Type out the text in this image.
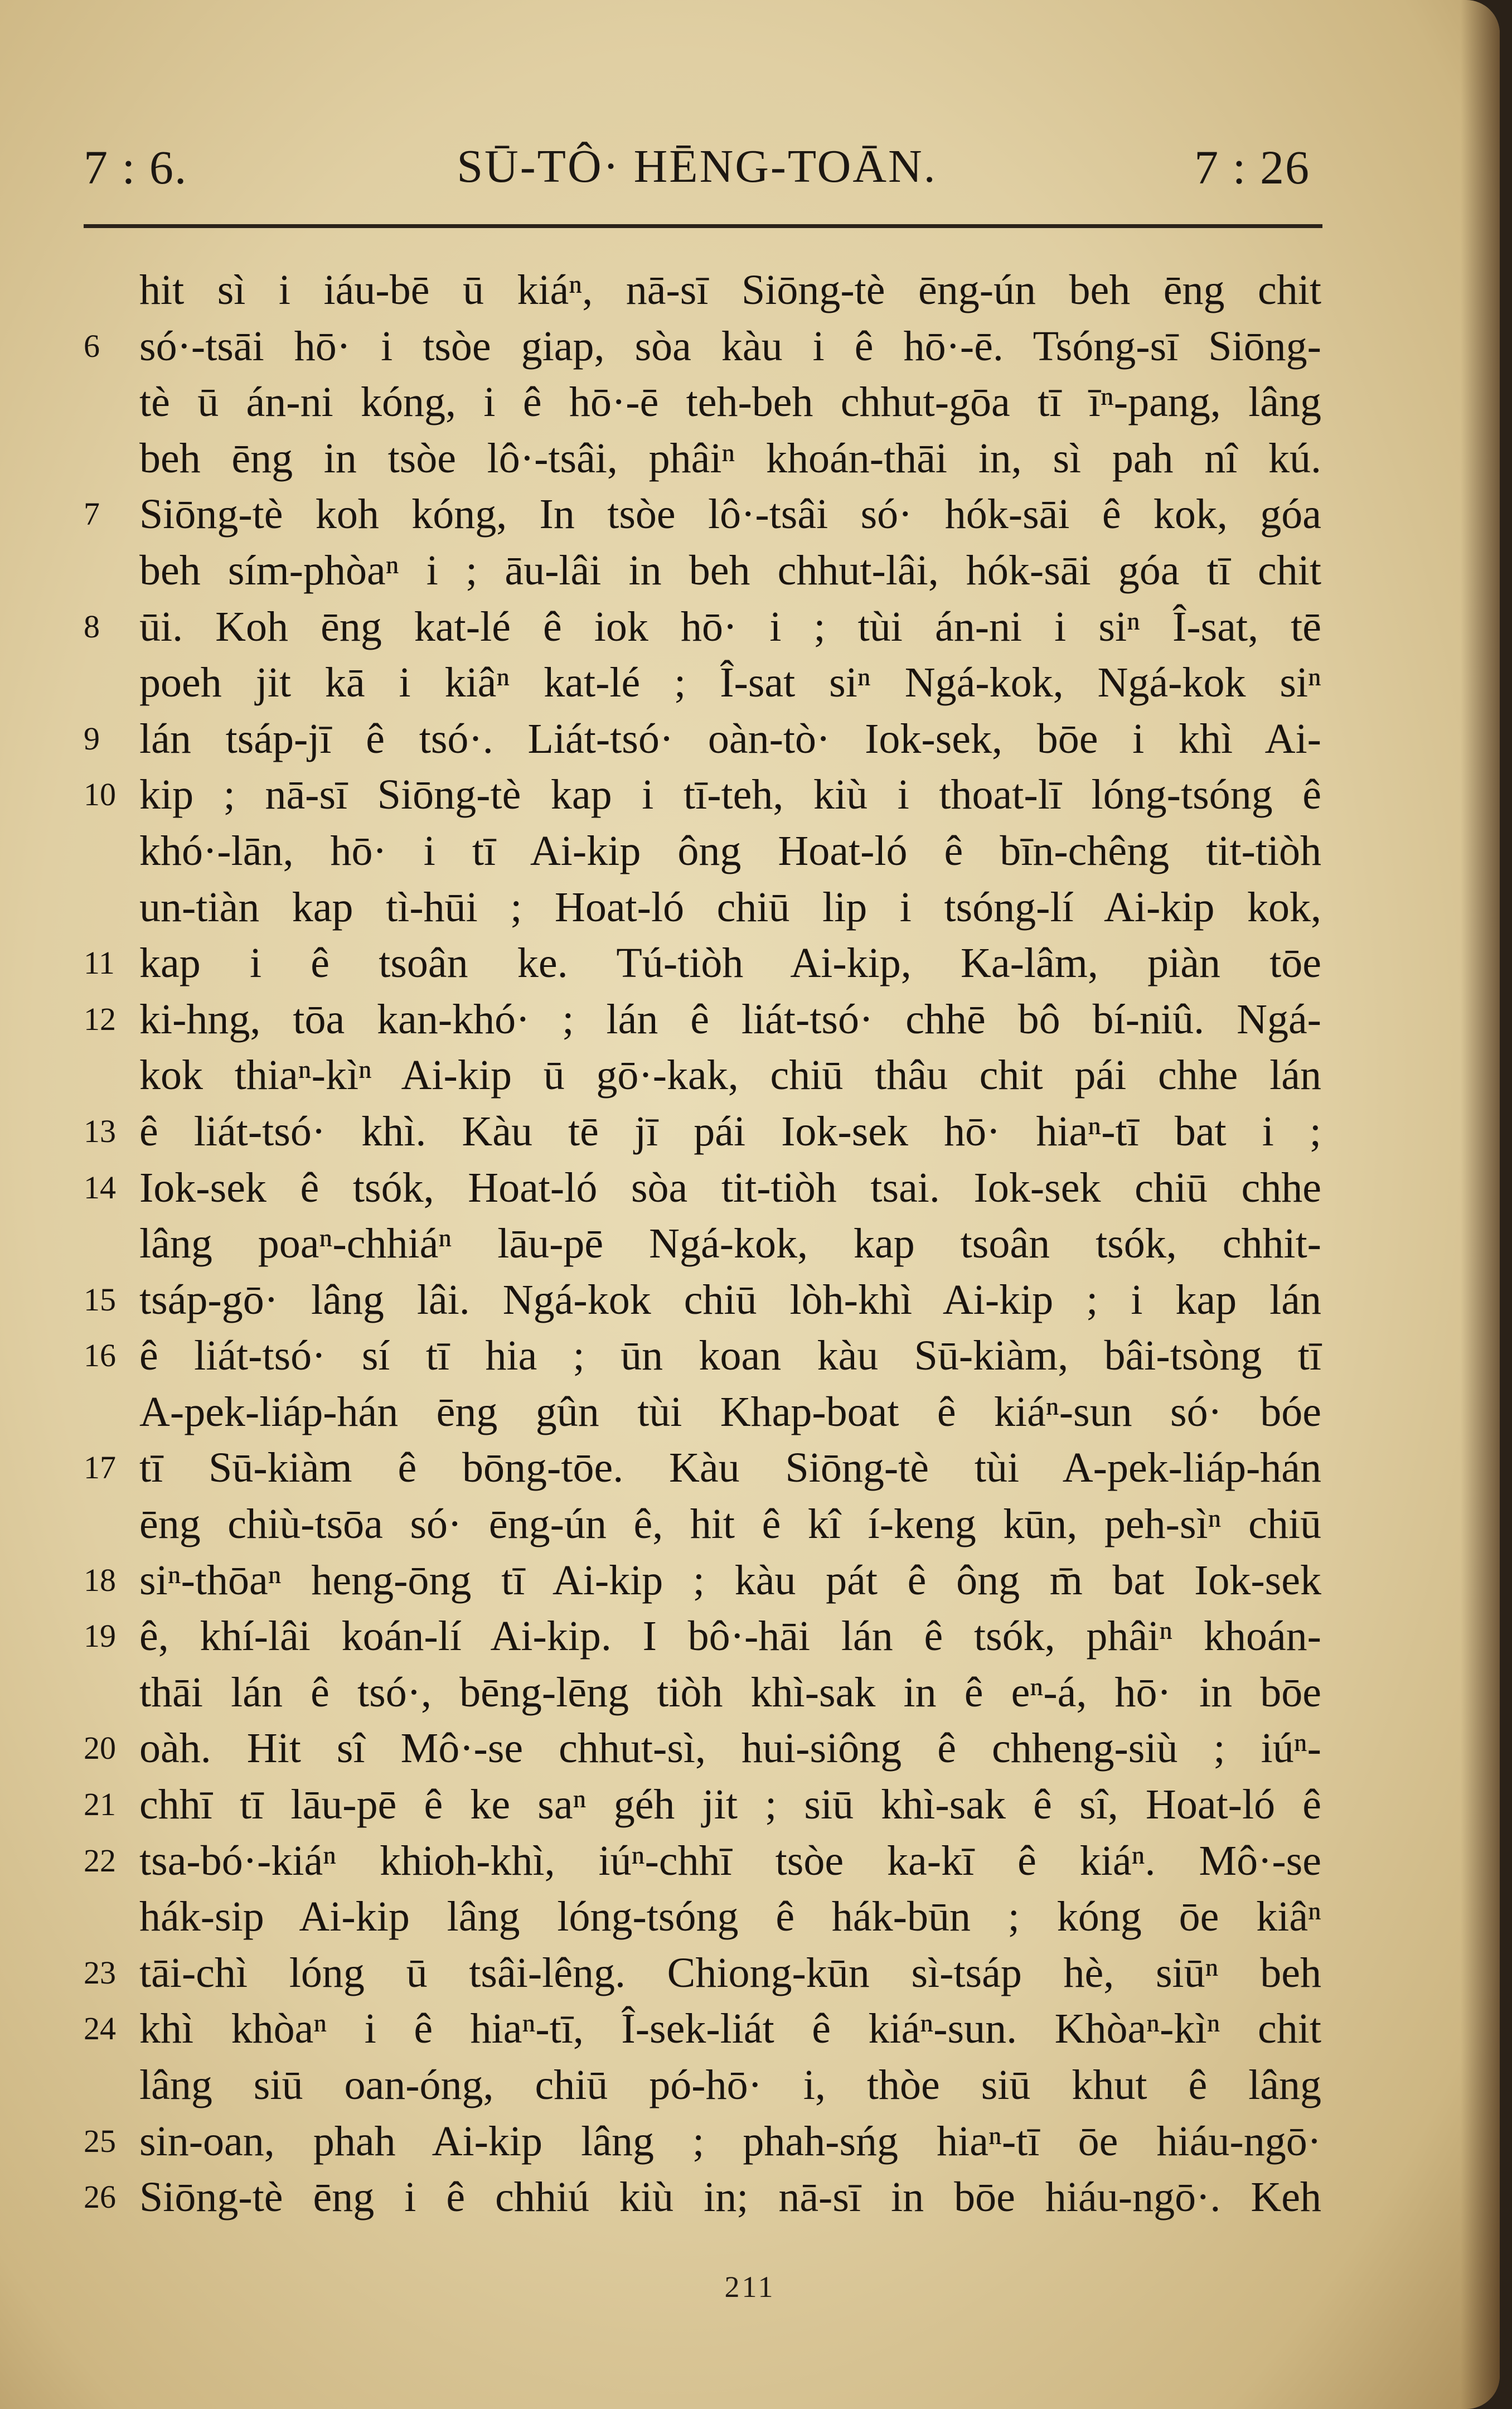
7 : 6.	SŪ-TÔ· HĒNG-TOĀN.	7 : 26
hit sì i iáu-bē ū kiáⁿ, nā-sī Siōng-tè ēng-ún beh ēng chit
6 só·-tsāi hō· i tsòe giap, sòa kàu i ê hō·-ē. Tsóng-sī Siōng-
tè ū án-ni kóng, i ê hō·-ē teh-beh chhut-gōa tī īⁿ-pang, lâng
beh ēng in tsòe lô·-tsâi, phâiⁿ khoán-thāi in, sì pah nî kú.
7 Siōng-tè koh kóng, In tsòe lô·-tsâi só· hók-sāi ê kok, góa
beh sím-phòaⁿ i ; āu-lâi in beh chhut-lâi, hók-sāi góa tī chit
8 ūi. Koh ēng kat-lé ê iok hō· i ; tùi án-ni i siⁿ Î-sat, tē
poeh jit kā i kiâⁿ kat-lé ; Î-sat siⁿ Ngá-kok, Ngá-kok siⁿ
9 lán tsáp-jī ê tsó·. Liát-tsó· oàn-tò· Iok-sek, bōe i khì Ai-
10 kip ; nā-sī Siōng-tè kap i tī-teh, kiù i thoat-lī lóng-tsóng ê
khó·-lān, hō· i tī Ai-kip ông Hoat-ló ê bīn-chêng tit-tiòh
un-tiàn kap tì-hūi ; Hoat-ló chiū lip i tsóng-lí Ai-kip kok,
11 kap i ê tsoân ke. Tú-tiòh Ai-kip, Ka-lâm, piàn tōe
12 ki-hng, tōa kan-khó· ; lán ê liát-tsó· chhē bô bí-niû. Ngá-
kok thiaⁿ-kìⁿ Ai-kip ū gō·-kak, chiū thâu chit pái chhe lán
13 ê liát-tsó· khì. Kàu tē jī pái Iok-sek hō· hiaⁿ-tī bat i ;
14 Iok-sek ê tsók, Hoat-ló sòa tit-tiòh tsai. Iok-sek chiū chhe
lâng poaⁿ-chhiáⁿ lāu-pē Ngá-kok, kap tsoân tsók, chhit-
15 tsáp-gō· lâng lâi. Ngá-kok chiū lòh-khì Ai-kip ; i kap lán
16 ê liát-tsó· sí tī hia ; ūn koan kàu Sū-kiàm, bâi-tsòng tī
A-pek-liáp-hán ēng gûn tùi Khap-boat ê kiáⁿ-sun só· bóe
17 tī Sū-kiàm ê bōng-tōe. Kàu Siōng-tè tùi A-pek-liáp-hán
ēng chiù-tsōa só· ēng-ún ê, hit ê kî í-keng kūn, peh-sìⁿ chiū
18 siⁿ-thōaⁿ heng-ōng tī Ai-kip ; kàu pát ê ông m̄ bat Iok-sek
19 ê, khí-lâi koán-lí Ai-kip. I bô·-hāi lán ê tsók, phâiⁿ khoán-
thāi lán ê tsó·, bēng-lēng tiòh khì-sak in ê eⁿ-á, hō· in bōe
20 oàh. Hit sî Mô·-se chhut-sì, hui-siông ê chheng-siù ; iúⁿ-
21 chhī tī lāu-pē ê ke saⁿ géh jit ; siū khì-sak ê sî, Hoat-ló ê
22 tsa-bó·-kiáⁿ khioh-khì, iúⁿ-chhī tsòe ka-kī ê kiáⁿ. Mô·-se
hák-sip Ai-kip lâng lóng-tsóng ê hák-būn ; kóng ōe kiâⁿ
23 tāi-chì lóng ū tsâi-lêng. Chiong-kūn sì-tsáp hè, siūⁿ beh
24 khì khòaⁿ i ê hiaⁿ-tī, Î-sek-liát ê kiáⁿ-sun. Khòaⁿ-kìⁿ chit
lâng siū oan-óng, chiū pó-hō· i, thòe siū khut ê lâng
25 sin-oan, phah Ai-kip lâng ; phah-sńg hiaⁿ-tī ōe hiáu-ngō·
26 Siōng-tè ēng i ê chhiú kiù in; nā-sī in bōe hiáu-ngō·. Keh
211
